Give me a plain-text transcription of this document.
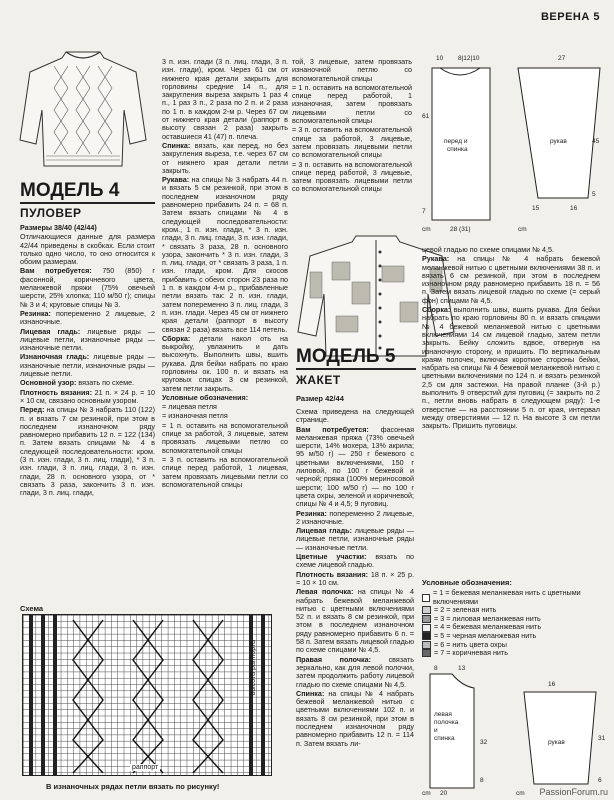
ВЕРЕНА 5
МОДЕЛЬ 4
ПУЛОВЕР

Размеры 38/40 (42/44)

Отличающиеся данные для размера 42/44 приведены в скобках. Если стоит только одно число, то оно относится к обоим размерам.

Вам потребуется: 750 (850) г фасонной, коричневого цвета, меланжевой пряжи (75% овечьей шерсти, 25% хлопка; 110 м/50 г); спицы № 3 и 4; круговые спицы № 3.

Резинка: попеременно 2 лицевые, 2 изнаночные.

Лицевая гладь: лицевые ряды — лицевые петли, изнаночные ряды — изнаночные петли.

Изнаночная гладь: лицевые ряды — изнаночные петли, изнаночные ряды — лицевые петли.

Основной узор: вязать по схеме.

Плотность вязания: 21 п. × 24 р. = 10 × 10 см, связано основным узором.

Перед: на спицы № 3 набрать 110 (122) п. и вязать 7 см резинкой, при этом в последнем изнаночном ряду равномерно прибавить 12 п. = 122 (134) п. Затем вязать спицами № 4 в следующей последовательности: кром. (3 п. изн. глади, 3 п. лиц. глади), * 3 п. изн. глади, 3 п. лиц. глади, 3 п. изн. глади, 28 п. основного узора, от * связать 3 раза, закончить 3 п. изн. глади, 3 п. лиц. глади,

3 п. изн. глади (3 п. лиц. глади, 3 п. изн. глади), кром. Через 61 см от нижнего края детали закрыть для горловины средние 14 п., для закругления выреза закрыть 1 раз 4 п., 1 раз 3 п., 2 раза по 2 п. и 2 раза по 1 п. в каждом 2-м р. Через 67 см от нижнего края детали (раппорт в высоту связан 2 раза) закрыть оставшиеся 41 (47) п. плеча.

Спинка: вязать, как перед, но без закругления выреза, т.е. через 67 см от нижнего края детали петли закрыть.

Рукава: на спицы № 3 набрать 44 п. и вязать 5 см резинкой, при этом в последнем изнаночном ряду равномерно прибавить 24 п. = 68 п. Затем вязать спицами № 4 в следующей последовательности: кром., 1 п. изн. глади, * 3 п. изн. глади, 3 п. лиц. глади, 3 п. изн. глади, * связать 3 раза, 28 п. основного узора, закончить * 3 п. изн. глади, 3 п. лиц. глади, от * связать 3 раза, 1 п. изн. глади, кром. Для скосов прибавить с обеих сторон 23 раза по 1 п. в каждом 4-м р., прибавленные петли вязать так: 2 п. изн. глади, затем попеременно 3 п. лиц. глади, 3 п. изн. глади. Через 45 см от нижнего края детали (раппорт в высоту связан 2 раза) вязать все 114 петель.

Сборка: детали накол оть на выкройку, увлажнить и дать высохнуть. Выполнить швы, вшить рукава. Для бейки набрать по краю горловины ок. 100 п. и вязать на круговых спицах 3 см резинкой, затем петли закрыть.

Условные обозначения:

= лицевая петля

= изнаночная петля

= 1 п. оставить на вспомогательной спице за работой, 3 лицевые, затем провязать лицевыми петлю со вспомогательной спицы

= 3 п. оставить на вспомогательной спице перед работой, 1 лицевая, затем провязать лицевыми петли со вспомогательной спицы

той, 3 лицевые, затем провязать изнаночной петлю со вспомогательной спицы

= 1 п. оставить на вспомогательной спице перед работой, 1 изнаночная, затем провязать лицевыми петли со вспомогательной спицы

= 3 п. оставить на вспомогательной спице за работой, 3 лицевые, затем провязать лицевыми петли со вспомогательной спицы

= 3 п. оставить на вспомогательной спице перед работой, 3 лицевые, затем провязать лицевыми петли со вспомогательной спицы

Схема
высота раппорта
раппорт
В изнаночных рядах петли вязать по рисунку!
перед и
спинка
рукав
10 8|12|10	27
61
7
45
5
15	16
28 (31)
cm	cm
МОДЕЛЬ 5
ЖАКЕТ
Размер 42/44

Схема приведена на следующей странице.

Вам потребуется: фасонная меланжевая пряжа (73% овечьей шерсти, 14% мохера, 13% акрила; 95 м/50 г) — 250 г бежевого с цветными включениями, 150 г лиловой, по 100 г бежевой и черной; пряжа (100% мериносовой шерсти; 100 м/50 г) — по 100 г цвета охры, зеленой и коричневой; спицы № 4 и 4,5; 9 пуговиц.

Резинка: попеременно 2 лицевые, 2 изнаночные.

Лицевая гладь: лицевые ряды — лицевые петли, изнаночные ряды — изнаночные петли.

Цветные участки: вязать по схеме лицевой гладью.

Плотность вязания: 18 п. × 25 р. = 10 × 10 см.

Левая полочка: на спицы № 4 набрать бежевой меланжевой нитью с цветными включениями 52 п. и вязать 8 см резинкой, при этом в последнем изнаночном ряду равномерно прибавить 6 п. = 58 п. Затем вязать лицевой гладью по схеме спицами № 4,5.

Правая полочка: связать зеркально, как для левой полочки, затем продолжить работу лицевой гладью по схеме спицами № 4,5.

Спинка: на спицы № 4 набрать бежевой меланжевой нитью с цветными включениями 102 п. и вязать 8 см резинкой, при этом в последнем изнаночном ряду равномерно прибавить 12 п. = 114 п. Затем вязать ли-

цевой гладью по схеме спицами № 4,5.

Рукава: на спицы № 4 набрать бежевой меланжевой нитью с цветными включениями 38 п. и вязать 6 см резинкой, при этом в последнем изнаночном ряду равномерно прибавить 18 п. = 56 п. Затем вязать лицевой гладью по схеме (= серый фон) спицами № 4,5.

Сборка: выполнить швы, вшить рукава. Для бейки набрать по краю горловины 80 п. и вязать спицами № 4 бежевой меланжевой нитью с цветными включениями 14 см лицевой гладью, затем петли закрыть. Бейку сложить вдвое, отвернув на изнаночную сторону, и пришить. По вертикальным краям полочек, включая короткие стороны бейки, набрать на спицы № 4 бежевой меланжевой нитью с цветными включениями по 124 п. и вязать резинкой 2,5 см для застежки. На правой планке (3-й р.) выполнить 9 отверстий для пуговиц (= закрыть по 2 п., петли вновь набрать в следующем ряду): 1-е отверстие — на расстоянии 5 п. от края, интервал между отверстиями — 12 п. На высоте 3 см петли закрыть. Пришить пуговицы.

Условные обозначения:
= 1 = бежевая меланжевая нить с цветными включениями
= 2 = зеленая нить
= 3 = лиловая меланжевая нить
= 4 = бежевая меланжевая нить
= 5 = черная меланжевая нить
= 6 = нить цвета охры
= 7 = коричневая нить
левая
полочка
и
спинка
рукав
8	13
16
32
8
31
20
cm	cm
6
PassionForum.ru
